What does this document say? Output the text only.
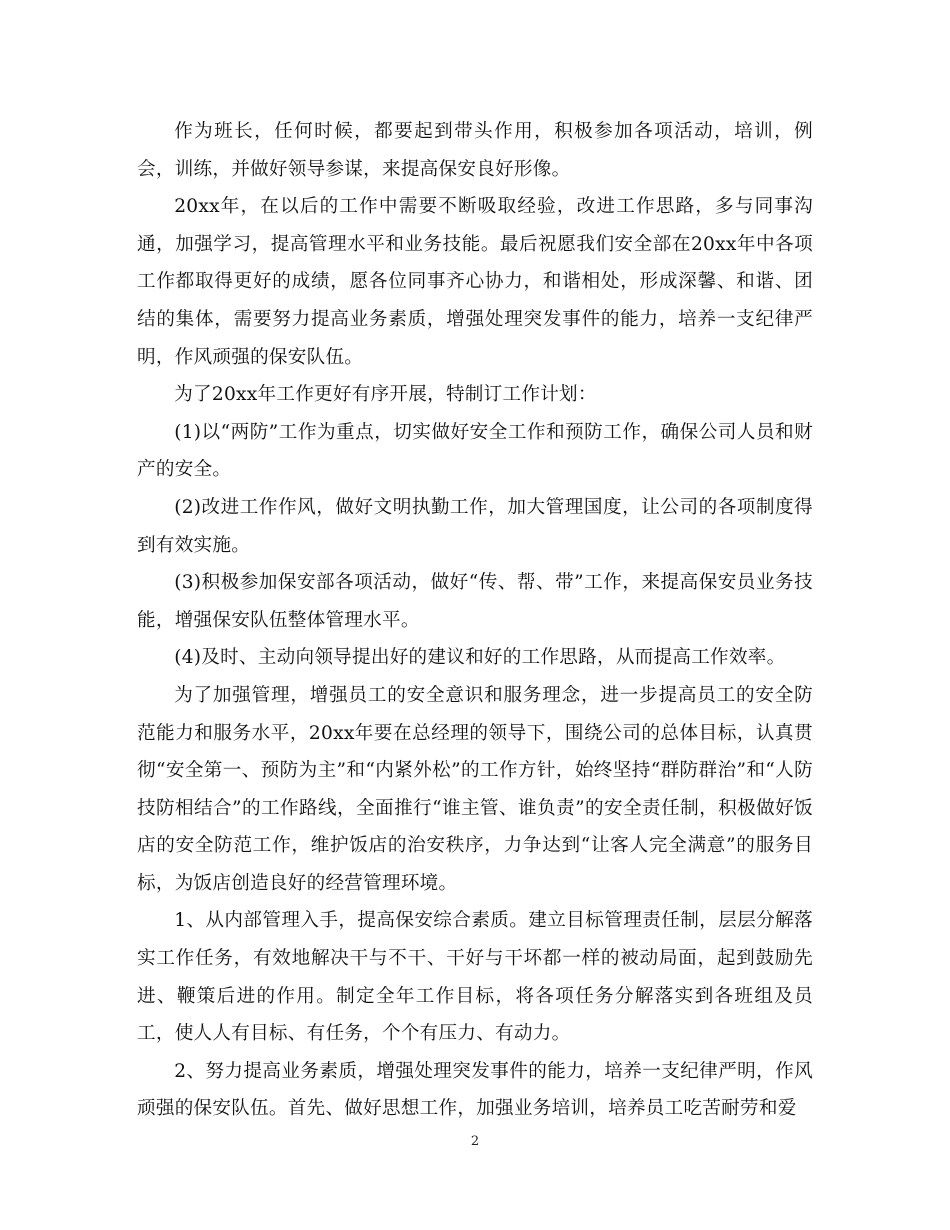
作为班长，任何时候，都要起到带头作用，积极参加各项活动，培训，例会，训练，并做好领导参谋，来提高保安良好形像。

20xx年，在以后的工作中需要不断吸取经验，改进工作思路，多与同事沟通，加强学习，提高管理水平和业务技能。最后祝愿我们安全部在20xx年中各项工作都取得更好的成绩，愿各位同事齐心协力，和谐相处，形成深馨、和谐、团结的集体，需要努力提高业务素质，增强处理突发事件的能力，培养一支纪律严明，作风顽强的保安队伍。

为了20xx年工作更好有序开展，特制订工作计划：

(1)以“两防”工作为重点，切实做好安全工作和预防工作，确保公司人员和财产的安全。

(2)改进工作作风，做好文明执勤工作，加大管理国度，让公司的各项制度得到有效实施。

(3)积极参加保安部各项活动，做好“传、帮、带”工作，来提高保安员业务技能，增强保安队伍整体管理水平。

(4)及时、主动向领导提出好的建议和好的工作思路，从而提高工作效率。

为了加强管理，增强员工的安全意识和服务理念，进一步提高员工的安全防范能力和服务水平，20xx年要在总经理的领导下，围绕公司的总体目标，认真贯彻“安全第一、预防为主”和“内紧外松”的工作方针，始终坚持“群防群治”和“人防技防相结合”的工作路线，全面推行“谁主管、谁负责”的安全责任制，积极做好饭店的安全防范工作，维护饭店的治安秩序，力争达到“让客人完全满意”的服务目标，为饭店创造良好的经营管理环境。

1、从内部管理入手，提高保安综合素质。建立目标管理责任制，层层分解落实工作任务，有效地解决干与不干、干好与干坏都一样的被动局面，起到鼓励先进、鞭策后进的作用。制定全年工作目标，将各项任务分解落实到各班组及员工，使人人有目标、有任务，个个有压力、有动力。

2、努力提高业务素质，增强处理突发事件的能力，培养一支纪律严明，作风顽强的保安队伍。首先、做好思想工作，加强业务培训，培养员工吃苦耐劳和爱

2
